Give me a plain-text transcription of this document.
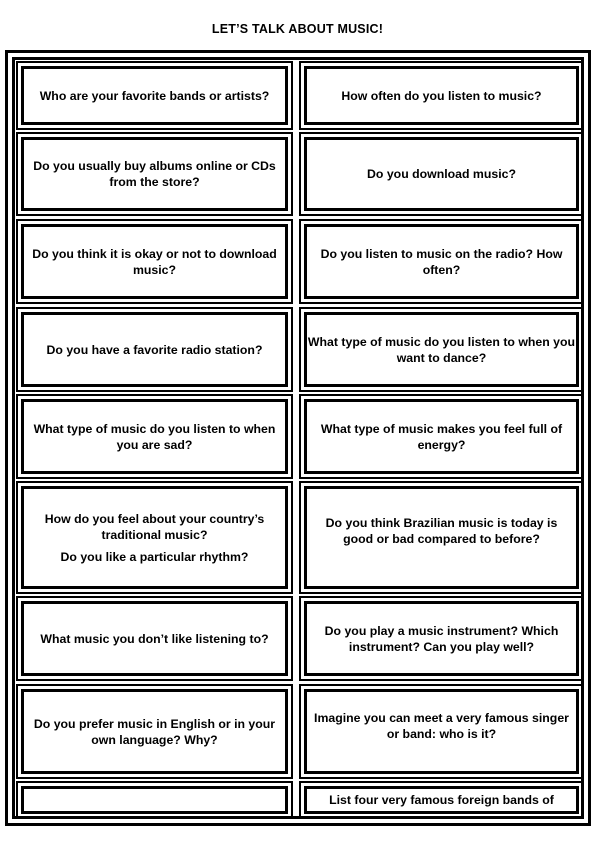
LET’S TALK ABOUT MUSIC!

Who are your favorite bands or artists?	How often do you listen to music?

Do you usually buy albums online or CDs from the store?

Do you download music?

Do you think it is okay or not to download music?

Do you listen to music on the radio? How often?

Do you have a favorite radio station?

What type of music do you listen to when you want to dance?

What type of music do you listen to when you are sad?

What type of music makes you feel full of energy?

How do you feel about your country’s traditional music?

Do you like a particular rhythm?

Do you think Brazilian music is today is good or bad compared to before?

What music you don’t like listening to?

Do you play a music instrument? Which instrument? Can you play well?

Do you prefer music in English or in your own language? Why?

Imagine you can meet a very famous singer or band: who is it?

List four very famous foreign bands of
